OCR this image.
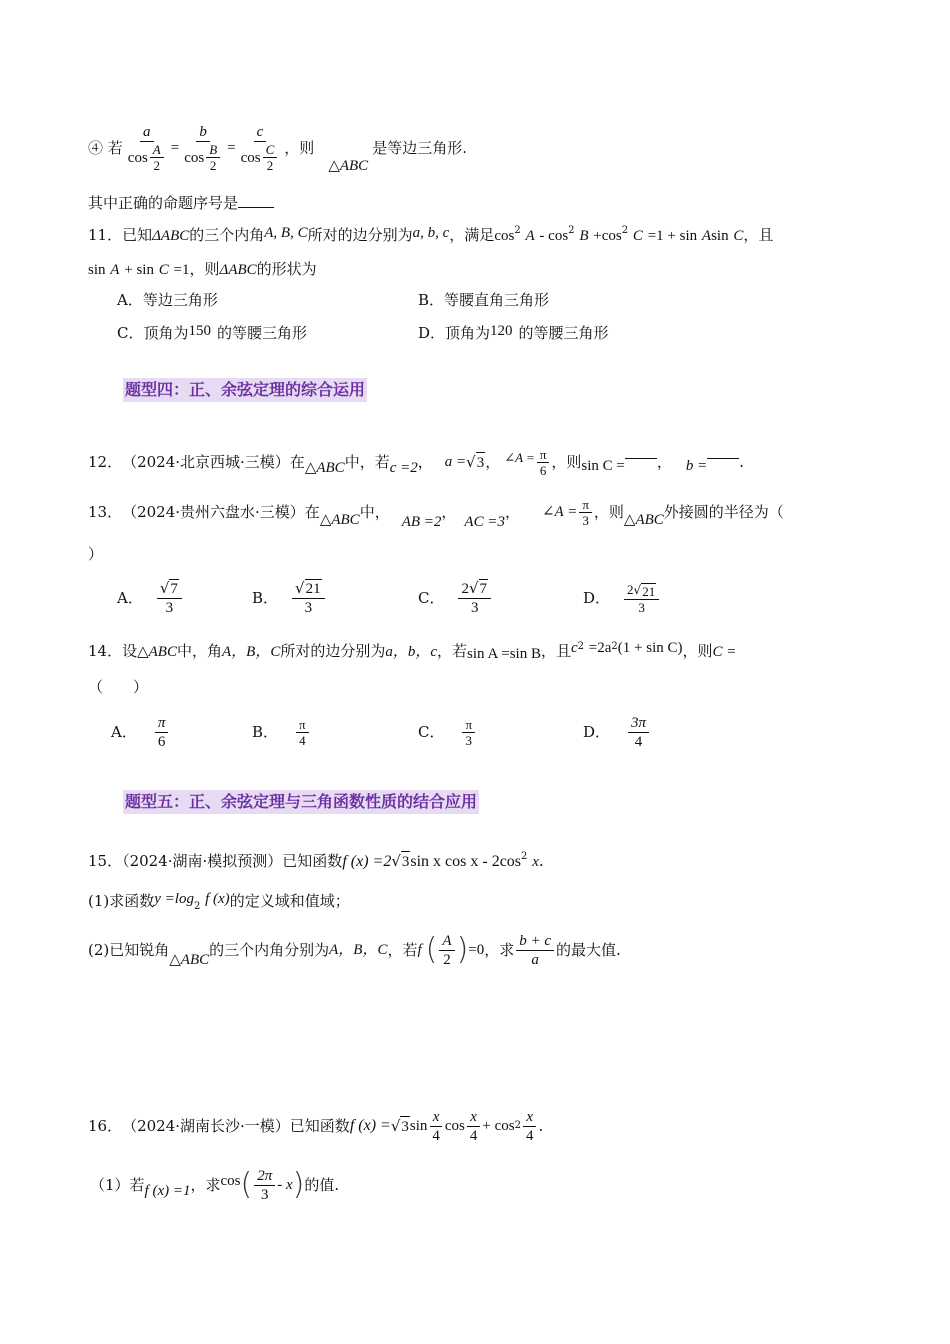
④ 若 $\frac{a}{\cos \frac{A}{2}} = \frac{b}{\cos \frac{B}{2}} = \frac{c}{\cos \frac{C}{2}}$ ，则
△ABC
是等边三角形.
其中正确的命题序号是
11．已知ΔABC的三个内角A, B, C所对的边分别为a, b, c，满足$\cos^2 A - \cos^2 B +\cos^2$ C =1 + sin Asin C，且
sin A + sin C =1，则ΔABC的形状为
A．等边三角形	B．等腰直角三角形
C．顶角为150 的等腰三角形	D．顶角为120 的等腰三角形
题型四：正、余弦定理的综合运用
12． （2024·北京西城·三模）在 △ABC 中，若 c =2 ， a = √ 3 ， ∠A = $\frac{\pi}{6}$ ，则 sin C = ， b = .
13． （2024·贵州六盘水·三模）在 △ABC 中，
AB =2
，
AC =3
， ∠A = $\frac{\pi}{3}$ ，则 △ABC 外接圆的半径为（
）
A． $\frac{√ 7}{3}$	B． $\frac{√ 21}{3}$	C． $\frac{2 √ 7}{3}$	D． $\frac{2 √ 21}{3}$
14．设△ABC中，角A，B，C所对的边分别为a，b，c，若sin A =sin B，且$c^2 =2a^2(1 + \sin C)$，则C =
（　　）
A． $\frac{\pi}{6}$	B． $\frac{\pi}{4}$	C． $\frac{\pi}{3}$	D． $\frac{3\pi}{4}$
题型五：正、余弦定理与三角函数性质的结合应用
15．（2024·湖南·模拟预测）已知函数f (x) =2 √ 3 sin x cos x - $2\cos^2$ x.
(1)求函数$y =\log_2$ f (x)的定义域和值域；
(2)已知锐角
△ABC
的三个内角分别为 A，B，C ，若 f ( $\frac{A}{2}$ ) =0 ，求 $\frac{b + c}{a}$ 的最大值.
16． （2024·湖南长沙·一模）已知函数 f (x) = √ 3 $\sin \frac{x}{4}$ $\cos \frac{x}{4} + \cos 2 \frac{x}{4}$ .
（1）若 f (x) =1 ，求 cos ( $\frac{2\pi}{3}$ - x ) 的值.
